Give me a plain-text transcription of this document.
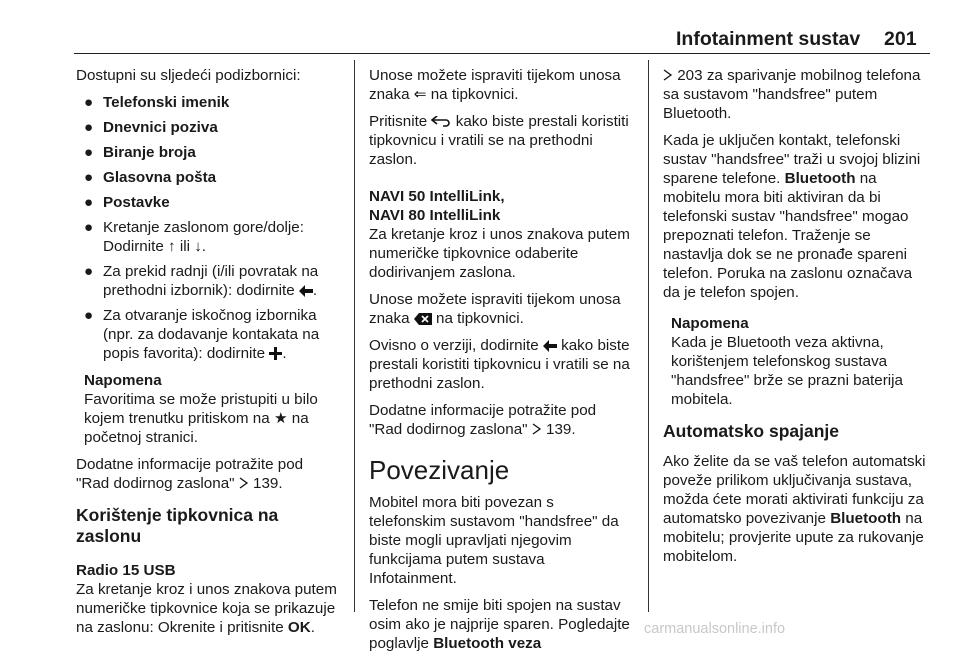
Infotainment sustav 201

Dostupni su sljedeći podizbornici:

● Telefonski imenik
● Dnevnici poziva
● Biranje broja
● Glasovna pošta
● Postavke
● Kretanje zaslonom gore/dolje: Dodirnite ↑ ili ↓.
● Za prekid radnji (i/ili povratak na prethodni izbornik): dodirnite .
● Za otvaranje iskočnog izbornika (npr. za dodavanje kontakata na popis favorita): dodirnite .
Napomena
Favoritima se može pristupiti u bilo kojem trenutku pritiskom na ★ na početnoj stranici.

Dodatne informacije potražite pod "Rad dodirnog zaslona" 139.

Korištenje tipkovnica na zaslonu
Radio 15 USB

Za kretanje kroz i unos znakova putem numeričke tipkovnice koja se prikazuje na zaslonu: Okrenite i pritisnite OK.

Unose možete ispraviti tijekom unosa znaka ⇐ na tipkovnici.

Pritisnite kako biste prestali koristiti tipkovnicu i vratili se na prethodni zaslon.

NAVI 50 IntelliLink,
NAVI 80 IntelliLink

Za kretanje kroz i unos znakova putem numeričke tipkovnice odaberite dodirivanjem zaslona.

Unose možete ispraviti tijekom unosa znaka na tipkovnici.

Ovisno o verziji, dodirnite kako biste prestali koristiti tipkovnicu i vratili se na prethodni zaslon.

Dodatne informacije potražite pod "Rad dodirnog zaslona" 139.

Povezivanje

Mobitel mora biti povezan s telefonskim sustavom "handsfree" da biste mogli upravljati njegovim funkcijama putem sustava Infotainment.

Telefon ne smije biti spojen na sustav osim ako je najprije sparen. Pogledajte poglavlje Bluetooth veza

203 za sparivanje mobilnog telefona sa sustavom "handsfree" putem Bluetooth.

Kada je uključen kontakt, telefonski sustav "handsfree" traži u svojoj blizini sparene telefone. Bluetooth na mobitelu mora biti aktiviran da bi telefonski sustav "handsfree" mogao prepoznati telefon. Traženje se nastavlja dok se ne pronađe spareni telefon. Poruka na zaslonu označava da je telefon spojen.

Napomena
Kada je Bluetooth veza aktivna, korištenjem telefonskog sustava "handsfree" brže se prazni baterija mobitela.
Automatsko spajanje

Ako želite da se vaš telefon automatski poveže prilikom uključivanja sustava, možda ćete morati aktivirati funkciju za automatsko povezivanje Bluetooth na mobitelu; provjerite upute za rukovanje mobitelom.

carmanualsonline.info
